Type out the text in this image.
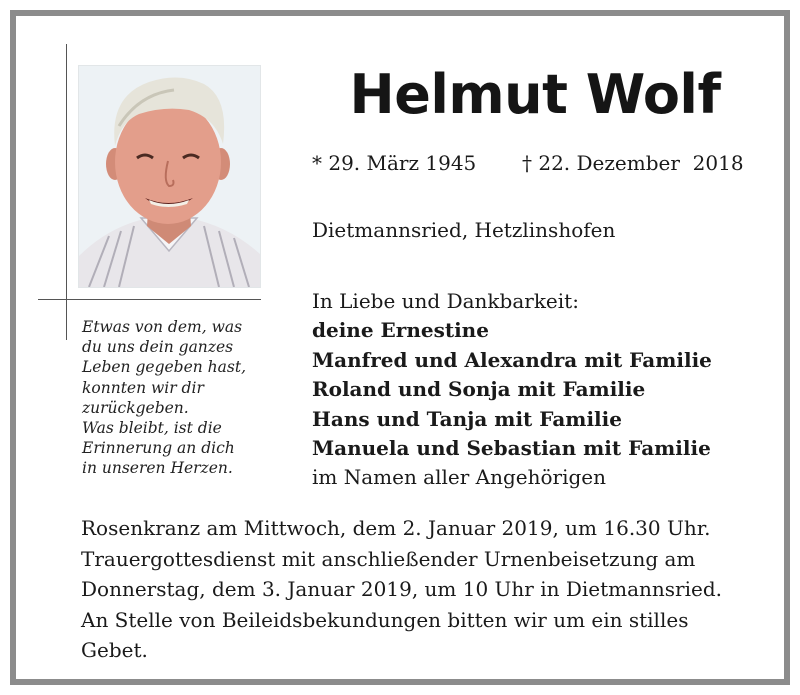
Helmut Wolf
* 29. März 1945 † 22. Dezember  2018
Dietmannsried, Hetzlinshofen
In Liebe und Dankbarkeit:
deine Ernestine
Manfred und Alexandra mit Familie
Roland und Sonja mit Familie
Hans und Tanja mit Familie
Manuela und Sebastian mit Familie
im Namen aller Angehörigen
Etwas von dem, was
du uns dein ganzes
Leben gegeben hast,
konnten wir dir
zurückgeben.
Was bleibt, ist die
Erinnerung an dich
in unseren Herzen.
Rosenkranz am Mittwoch, dem 2. Januar 2019, um 16.30 Uhr.
Trauergottesdienst mit anschließender Urnenbeisetzung am
Donnerstag, dem 3. Januar 2019, um 10 Uhr in Dietmannsried.
An Stelle von Beileidsbekundungen bitten wir um ein stilles
Gebet.
